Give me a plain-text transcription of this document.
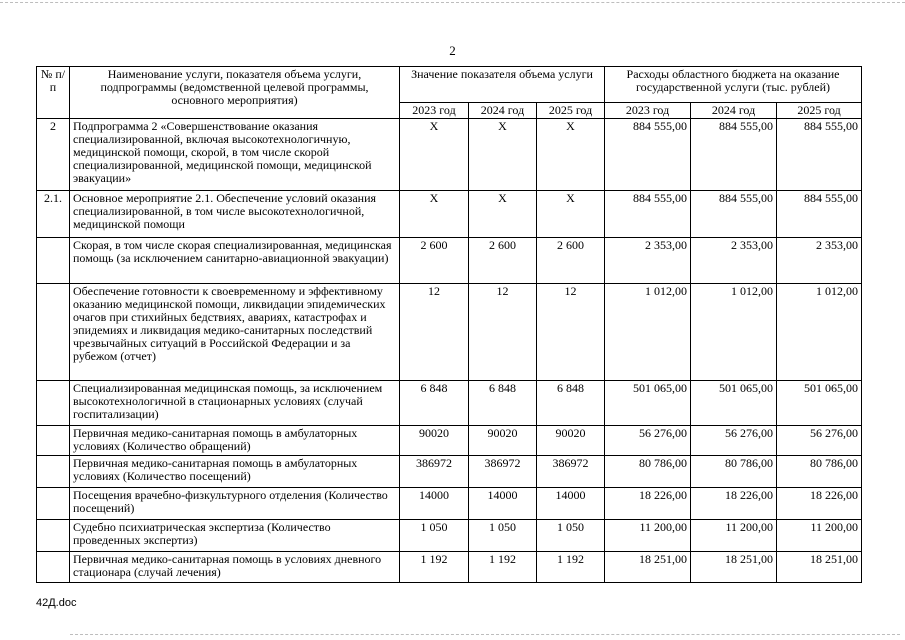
2
№ п/п	Наименование услуги, показателя объема услуги, подпрограммы (ведомственной целевой программы, основного мероприятия)	Значение показателя объема услуги			Расходы областного бюджета на оказание государственной услуги (тыс. рублей)		
		2023 год	2024 год	2025 год	2023 год	2024 год	2025 год
2	Подпрограмма 2 «Совершенствование оказания специализированной, включая высокотехнологичную, медицинской помощи, скорой, в том числе скорой специализированной, медицинской помощи, медицинской эвакуации»	X	X	X	884 555,00	884 555,00	884 555,00
2.1.	Основное мероприятие 2.1. Обеспечение условий оказания специализированной, в том числе высокотехнологичной, медицинской помощи	X	X	X	884 555,00	884 555,00	884 555,00
	Скорая, в том числе скорая специализированная, медицинская помощь (за исключением санитарно-авиационной эвакуации)	2 600	2 600	2 600	2 353,00	2 353,00	2 353,00
	Обеспечение готовности к своевременному и эффективному оказанию медицинской помощи, ликвидации эпидемических очагов при стихийных бедствиях, авариях, катастрофах и эпидемиях и ликвидация медико-санитарных последствий чрезвычайных ситуаций в Российской Федерации и за рубежом (отчет)	12	12	12	1 012,00	1 012,00	1 012,00
	Специализированная медицинская помощь, за исключением высокотехнологичной в стационарных условиях (случай госпитализации)	6 848	6 848	6 848	501 065,00	501 065,00	501 065,00
	Первичная медико-санитарная помощь в амбулаторных условиях (Количество обращений)	90020	90020	90020	56 276,00	56 276,00	56 276,00
	Первичная медико-санитарная помощь в амбулаторных условиях (Количество посещений)	386972	386972	386972	80 786,00	80 786,00	80 786,00
	Посещения врачебно-физкультурного отделения (Количество посещений)	14000	14000	14000	18 226,00	18 226,00	18 226,00
	Судебно психиатрическая экспертиза (Количество проведенных экспертиз)	1 050	1 050	1 050	11 200,00	11 200,00	11 200,00
	Первичная медико-санитарная помощь в условиях дневного стационара (случай лечения)	1 192	1 192	1 192	18 251,00	18 251,00	18 251,00
42Д.doc
